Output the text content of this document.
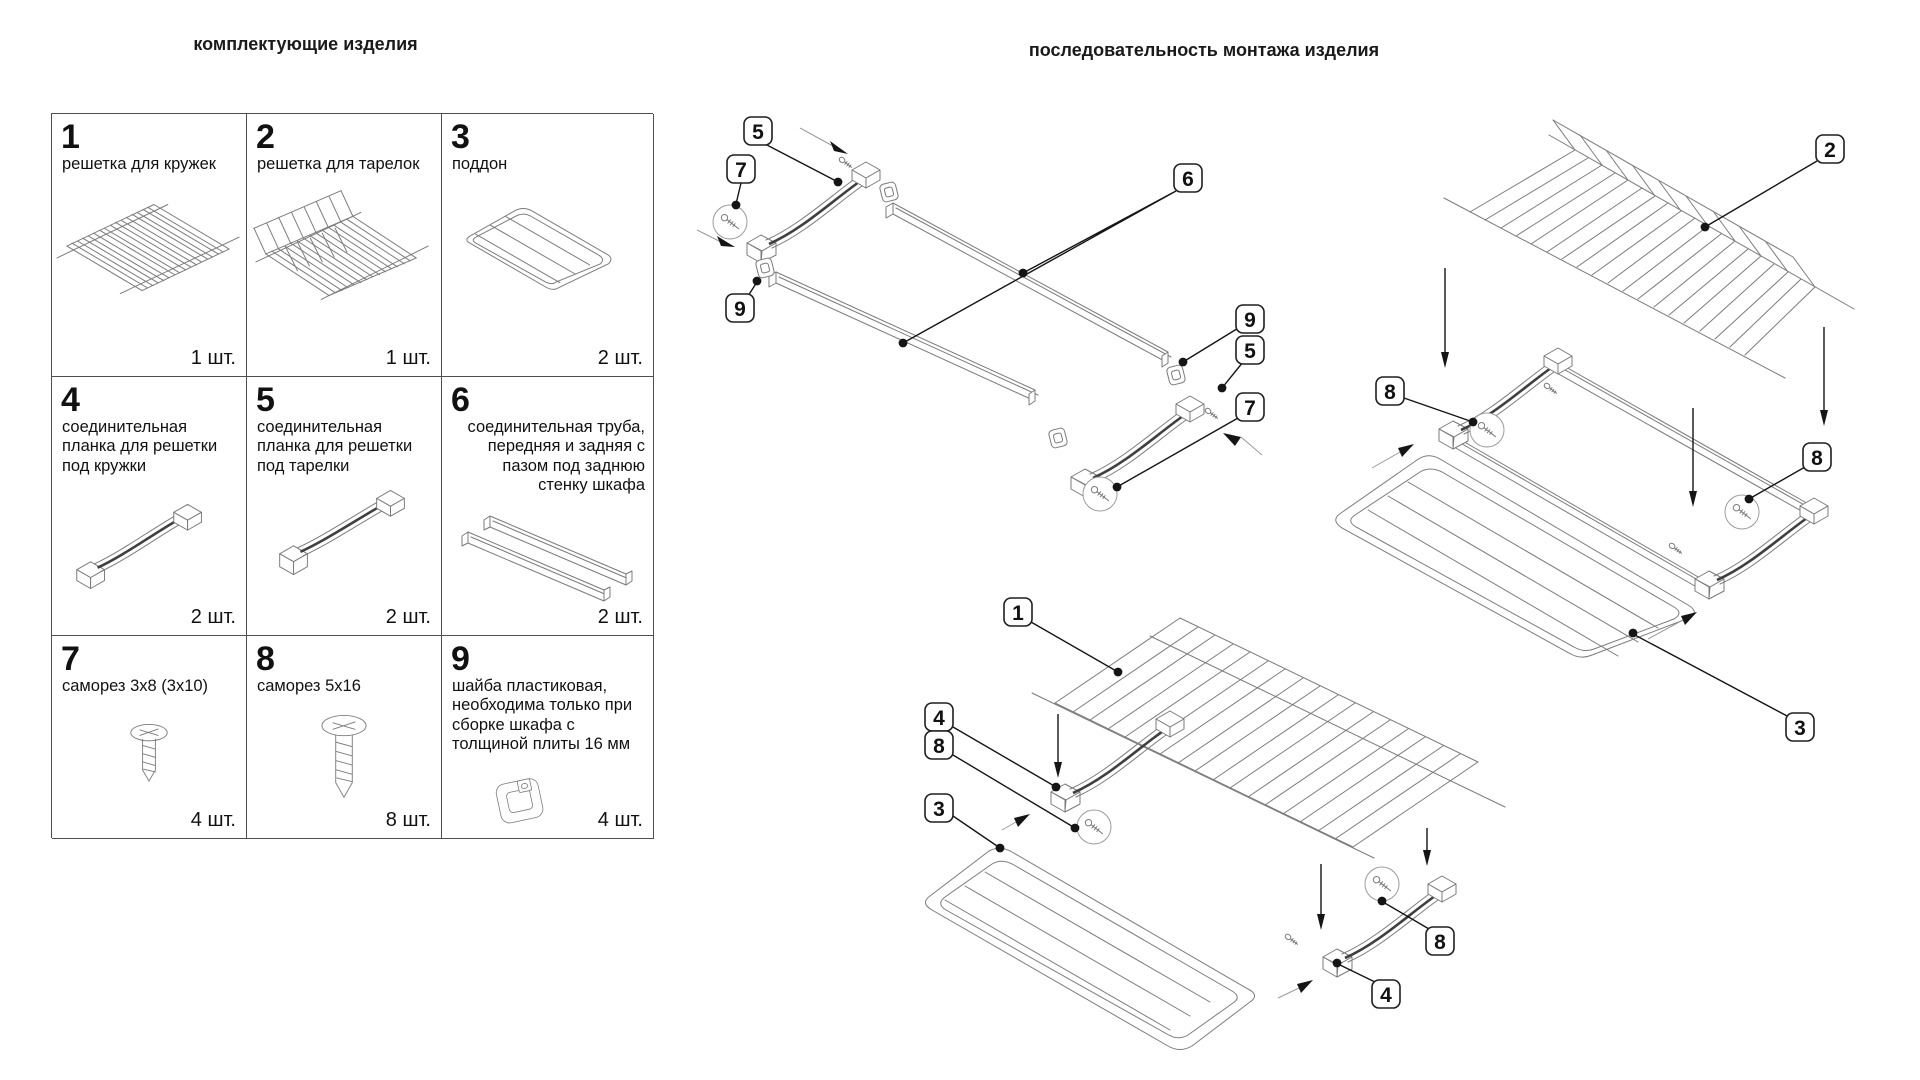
комплектующие изделия	последовательность монтажа изделия
1
решетка для кружек
1 шт.
2
решетка для тарелок
1 шт.
3
поддон
2 шт.
4
соединительная планка для решетки под кружки
2 шт.
5
соединительная планка для решетки под тарелки
2 шт.
6
соединительная труба, передняя и задняя с пазом под заднюю стенку шкафа
2 шт.
7
саморез 3x8 (3x10)
4 шт.
8
саморез 5x16
8 шт.
9
шайба пластиковая, необходима только при сборке шкафа с толщиной плиты 16 мм
4 шт.
5
7
9
6
9
5
7
2
8
8
3
1
4
8
3
8
4
